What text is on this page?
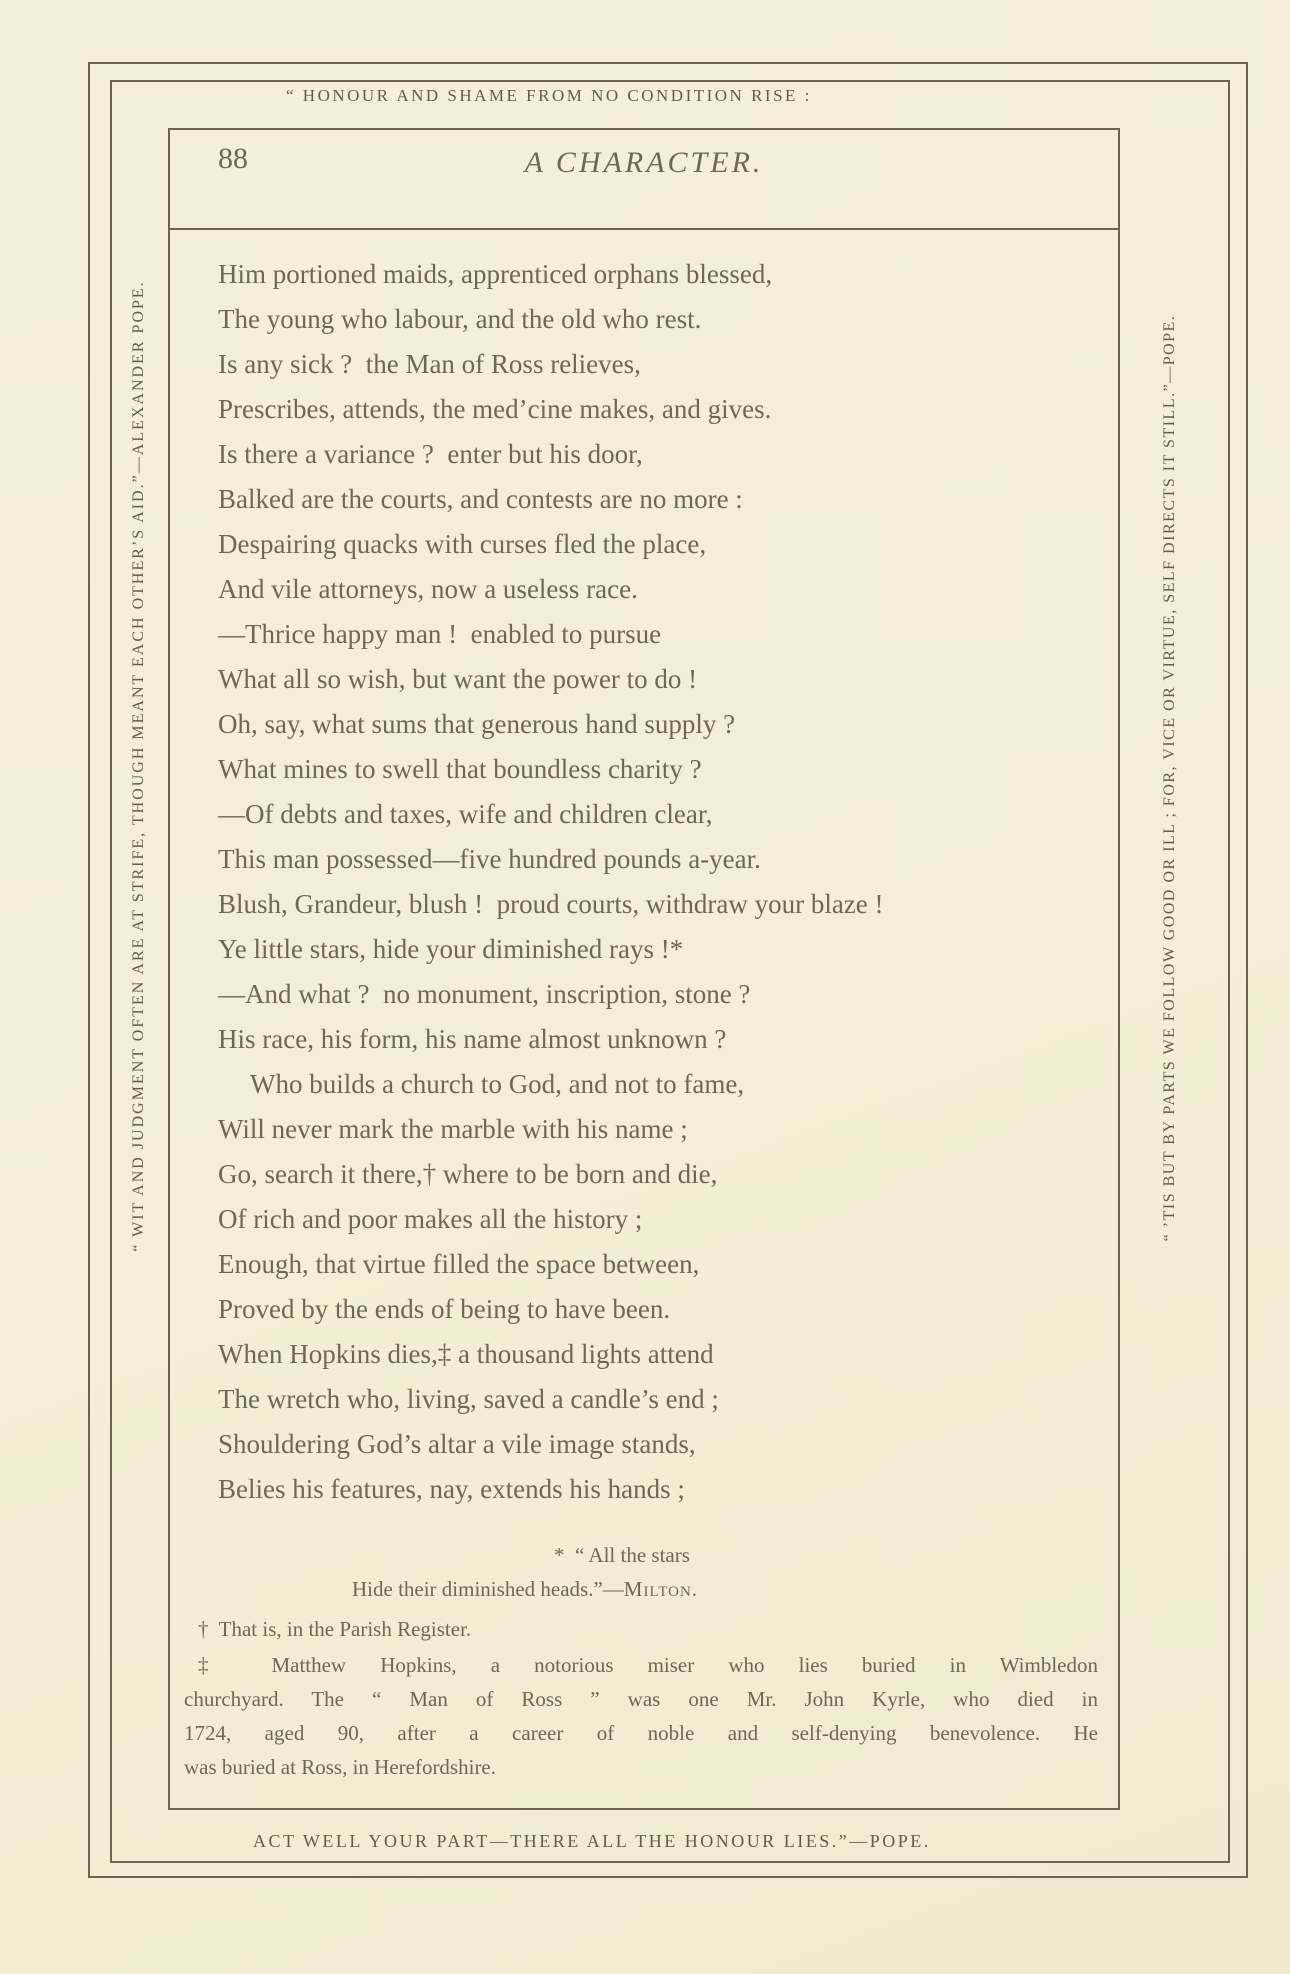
“ HONOUR AND SHAME FROM NO CONDITION RISE :
ACT WELL YOUR PART—THERE ALL THE HONOUR LIES.”—POPE.
“ WIT AND JUDGMENT OFTEN ARE AT STRIFE, THOUGH MEANT EACH OTHER’S AID.”—ALEXANDER POPE.	“ ’TIS BUT BY PARTS WE FOLLOW GOOD OR ILL ; FOR, VICE OR VIRTUE, SELF DIRECTS IT STILL.”—POPE.
88	A CHARACTER.
Him portioned maids, apprenticed orphans blessed,
The young who labour, and the old who rest.
Is any sick ?  the Man of Ross relieves,
Prescribes, attends, the med’cine makes, and gives.
Is there a variance ?  enter but his door,
Balked are the courts, and contests are no more :
Despairing quacks with curses fled the place,
And vile attorneys, now a useless race.
—Thrice happy man !  enabled to pursue
What all so wish, but want the power to do !
Oh, say, what sums that generous hand supply ?
What mines to swell that boundless charity ?
—Of debts and taxes, wife and children clear,
This man possessed—five hundred pounds a-year.
Blush, Grandeur, blush !  proud courts, withdraw your blaze !
Ye little stars, hide your diminished rays !*
—And what ?  no monument, inscription, stone ?
His race, his form, his name almost unknown ?
Who builds a church to God, and not to fame,
Will never mark the marble with his name ;
Go, search it there,† where to be born and die,
Of rich and poor makes all the history ;
Enough, that virtue filled the space between,
Proved by the ends of being to have been.
When Hopkins dies,‡ a thousand lights attend
The wretch who, living, saved a candle’s end ;
Shouldering God’s altar a vile image stands,
Belies his features, nay, extends his hands ;
*  “ All the stars
Hide their diminished heads.”—Milton.
†  That is, in the Parish Register.
‡ Matthew Hopkins, a notorious miser who lies buried in Wimbledon
churchyard. The “ Man of Ross ” was one Mr. John Kyrle, who died in
1724, aged 90, after a career of noble and self-denying benevolence. He
was buried at Ross, in Herefordshire.
